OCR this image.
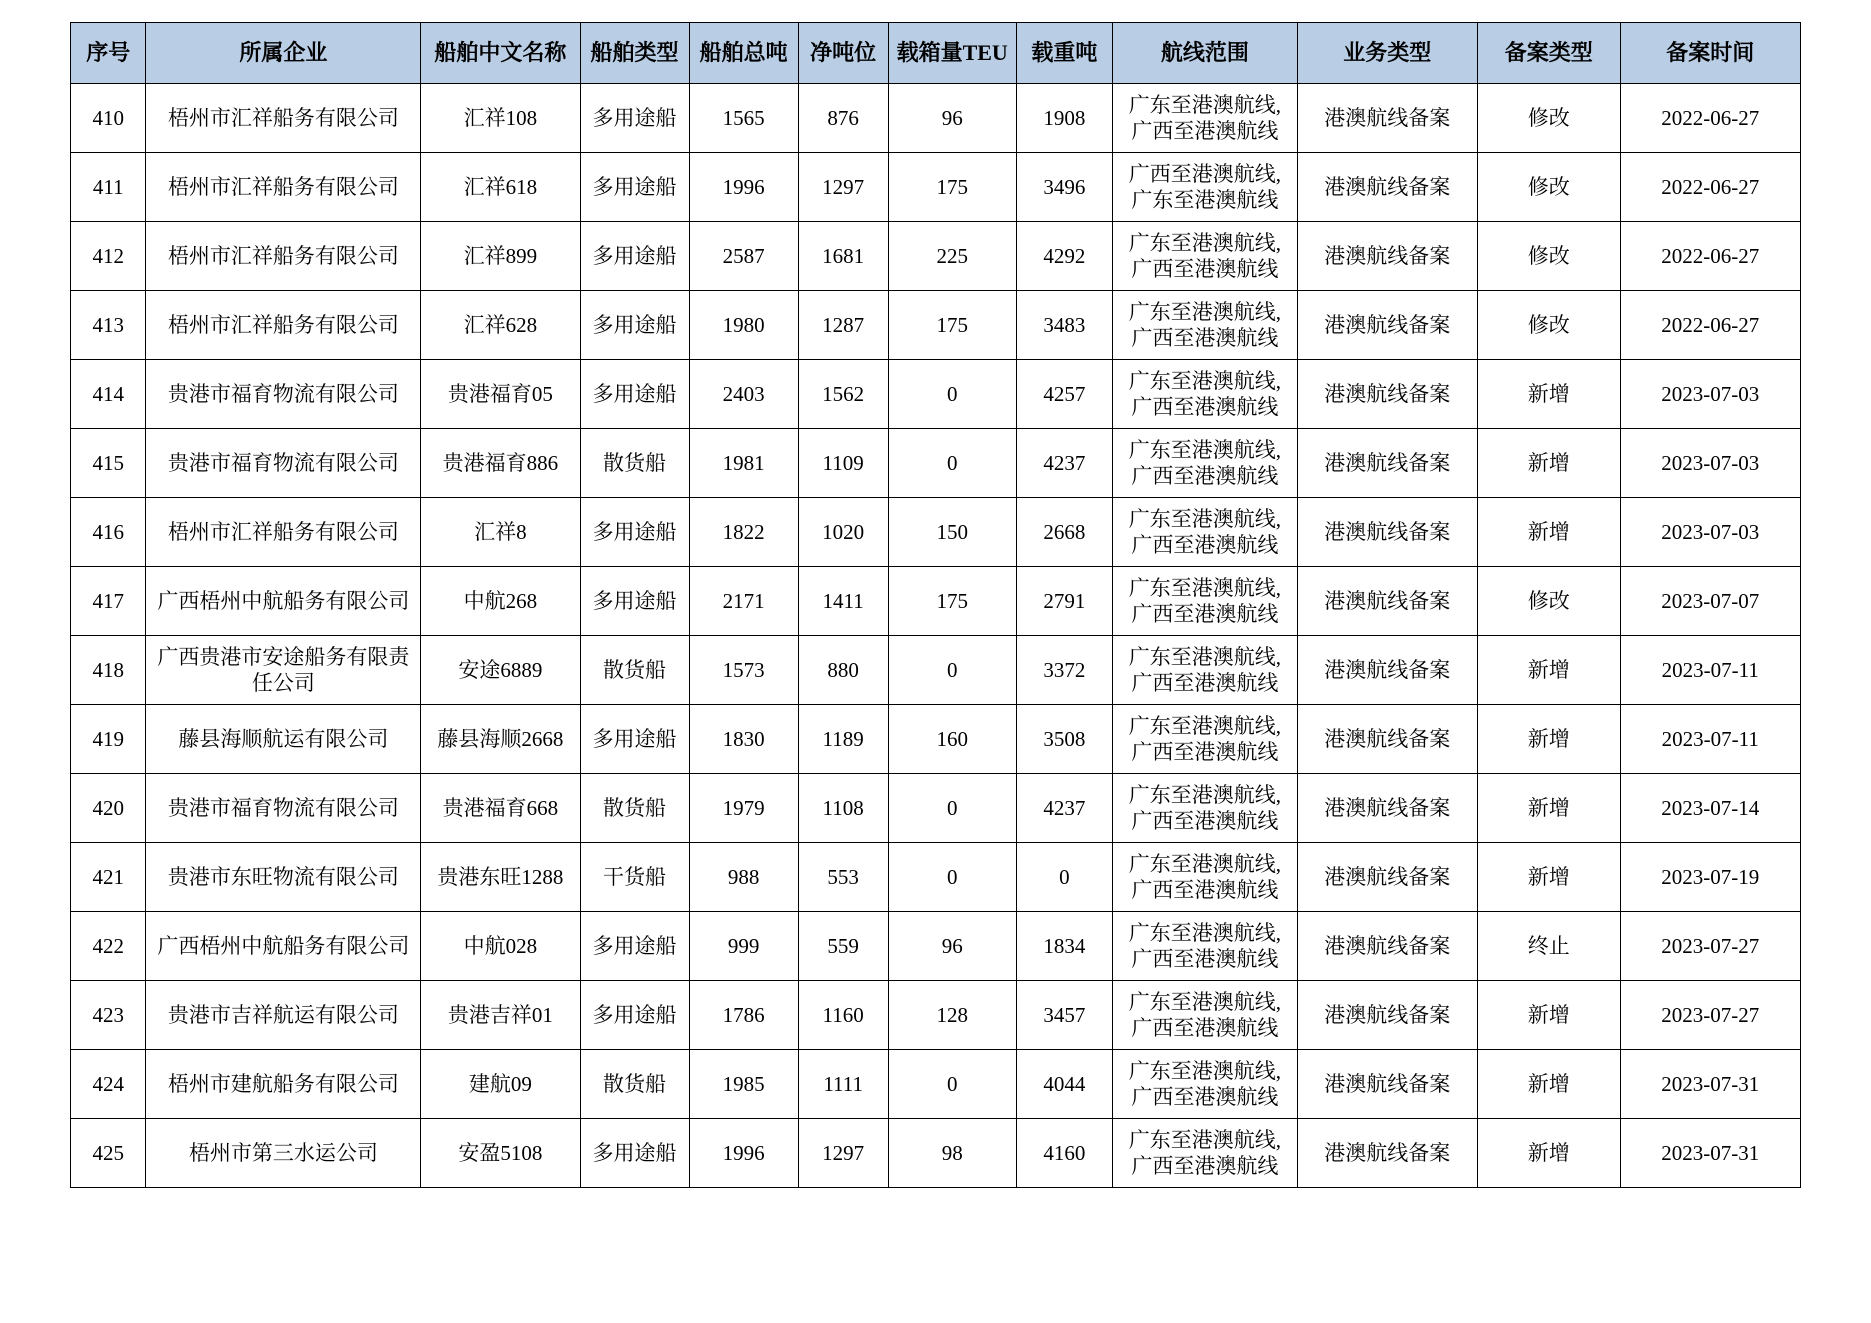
序号	所属企业	船舶中文名称	船舶类型	船舶总吨	净吨位	载箱量TEU	载重吨	航线范围	业务类型	备案类型	备案时间
410	梧州市汇祥船务有限公司	汇祥108	多用途船	1565	876	96	1908	广东至港澳航线,
广西至港澳航线	港澳航线备案	修改	2022-06-27
411	梧州市汇祥船务有限公司	汇祥618	多用途船	1996	1297	175	3496	广西至港澳航线,
广东至港澳航线	港澳航线备案	修改	2022-06-27
412	梧州市汇祥船务有限公司	汇祥899	多用途船	2587	1681	225	4292	广东至港澳航线,
广西至港澳航线	港澳航线备案	修改	2022-06-27
413	梧州市汇祥船务有限公司	汇祥628	多用途船	1980	1287	175	3483	广东至港澳航线,
广西至港澳航线	港澳航线备案	修改	2022-06-27
414	贵港市福育物流有限公司	贵港福育05	多用途船	2403	1562	0	4257	广东至港澳航线,
广西至港澳航线	港澳航线备案	新增	2023-07-03
415	贵港市福育物流有限公司	贵港福育886	散货船	1981	1109	0	4237	广东至港澳航线,
广西至港澳航线	港澳航线备案	新增	2023-07-03
416	梧州市汇祥船务有限公司	汇祥8	多用途船	1822	1020	150	2668	广东至港澳航线,
广西至港澳航线	港澳航线备案	新增	2023-07-03
417	广西梧州中航船务有限公司	中航268	多用途船	2171	1411	175	2791	广东至港澳航线,
广西至港澳航线	港澳航线备案	修改	2023-07-07
418	广西贵港市安途船务有限责任公司	安途6889	散货船	1573	880	0	3372	广东至港澳航线,
广西至港澳航线	港澳航线备案	新增	2023-07-11
419	藤县海顺航运有限公司	藤县海顺2668	多用途船	1830	1189	160	3508	广东至港澳航线,
广西至港澳航线	港澳航线备案	新增	2023-07-11
420	贵港市福育物流有限公司	贵港福育668	散货船	1979	1108	0	4237	广东至港澳航线,
广西至港澳航线	港澳航线备案	新增	2023-07-14
421	贵港市东旺物流有限公司	贵港东旺1288	干货船	988	553	0	0	广东至港澳航线,
广西至港澳航线	港澳航线备案	新增	2023-07-19
422	广西梧州中航船务有限公司	中航028	多用途船	999	559	96	1834	广东至港澳航线,
广西至港澳航线	港澳航线备案	终止	2023-07-27
423	贵港市吉祥航运有限公司	贵港吉祥01	多用途船	1786	1160	128	3457	广东至港澳航线,
广西至港澳航线	港澳航线备案	新增	2023-07-27
424	梧州市建航船务有限公司	建航09	散货船	1985	1111	0	4044	广东至港澳航线,
广西至港澳航线	港澳航线备案	新增	2023-07-31
425	梧州市第三水运公司	安盈5108	多用途船	1996	1297	98	4160	广东至港澳航线,
广西至港澳航线	港澳航线备案	新增	2023-07-31
